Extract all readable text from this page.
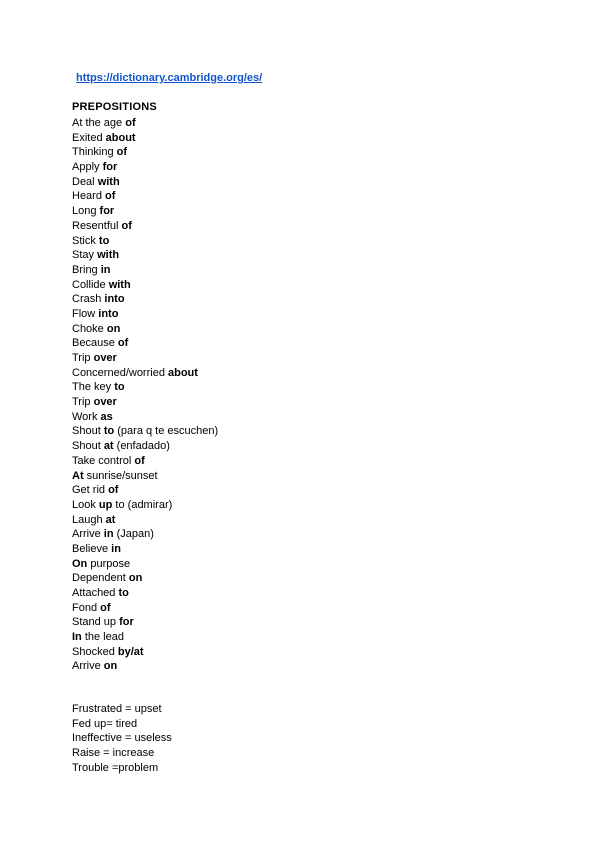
https://dictionary.cambridge.org/es/
PREPOSITIONS
At the age of
Exited about
Thinking of
Apply for
Deal with
Heard of
Long for
Resentful of
Stick to
Stay with
Bring in
Collide with
Crash into
Flow into
Choke on
Because of
Trip over
Concerned/worried about
The key to
Trip over
Work as
Shout to (para q te escuchen)
Shout at (enfadado)
Take control of
At sunrise/sunset
Get rid of
Look up to (admirar)
Laugh at
Arrive in (Japan)
Believe in
On purpose
Dependent on
Attached to
Fond of
Stand up for
In the lead
Shocked by/at
Arrive on
Frustrated = upset
Fed up= tired
Ineffective = useless
Raise = increase
Trouble =problem
